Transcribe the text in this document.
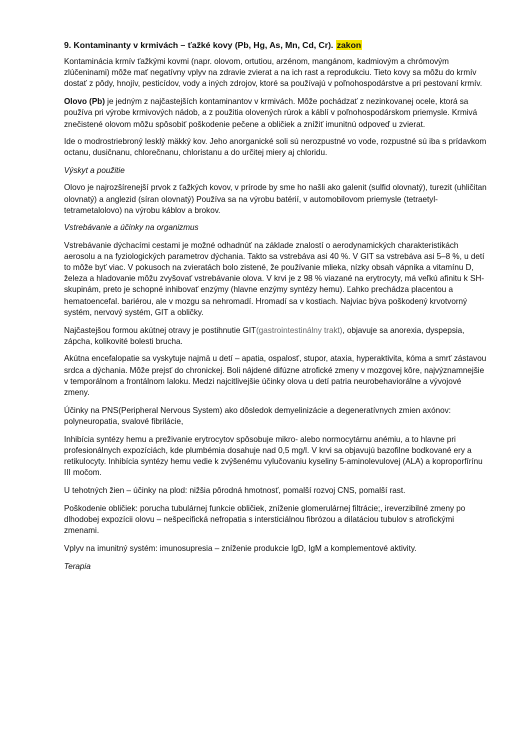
9. Kontaminanty v krmivách – ťažké kovy (Pb, Hg, As, Mn, Cd, Cr). zakon

Kontaminácia krmív ťažkými kovmi (napr. olovom, ortutiou, arzénom, mangánom, kadmiovým a chrómovým zlúčeninami) môže mať negatívny vplyv na zdravie zvierat a na ich rast a reprodukciu. Tieto kovy sa môžu do krmív dostať z pôdy, hnojív, pesticídov, vody a iných zdrojov, ktoré sa používajú v poľnohospodárstve a pri pestovaní krmív.

Olovo (Pb) je jedným z najčastejších kontaminantov v krmivách. Môže pochádzať z nezinkovanej ocele, ktorá sa používa pri výrobe krmivových nádob, a z použitia olovených rúrok a káblí v poľnohospodárskom priemysle. Krmivá znečistené olovom môžu spôsobiť poškodenie pečene a obličiek a znížiť imunitnú odpoveď u zvierat.

Ide o modrostriebroný lesklý mäkký kov. Jeho anorganické soli sú nerozpustné vo vode, rozpustné sú iba s prídavkom octanu, dusičnanu, chlorečnanu, chloristanu a do určitej miery aj chloridu.

Výskyt a použitie

Olovo je najrozšírenejší prvok z ťažkých kovov, v prírode by sme ho našli ako galenit (sulfid olovnatý), turezit (uhličitan olovnatý) a anglezid (síran olovnatý) Používa sa na výrobu batérií, v automobilovom priemysle (tetraetyl-tetrametalolovo) na výrobu káblov a brokov.

Vstrebávanie a účinky na organizmus

Vstrebávanie dýchacími cestami je možné odhadnúť na základe znalostí o aerodynamických charakteristikách aerosolu a na fyziologických parametrov dýchania. Takto sa vstrebáva asi 40 %. V GIT sa vstrebáva asi 5–8 %, u detí to môže byť viac. V pokusoch na zvieratách bolo zistené, že používanie mlieka, nízky obsah vápnika a vitamínu D, železa a hladovanie môžu zvyšovať vstrebávanie olova. V krvi je z 98 % viazané na erytrocyty, má veľkú afinitu k SH-skupinám, preto je schopné inhibovať enzýmy (hlavne enzýmy syntézy hemu). Ľahko prechádza placentou a hematoencefal. bariérou, ale v mozgu sa nehromadí. Hromadí sa v kostiach. Najviac býva poškodený krvotvorný systém, nervový systém, GIT a obličky.

Najčastejšou formou akútnej otravy je postihnutie GIT(gastrointestinálny trakt), objavuje sa anorexia, dyspepsia, zápcha, kolikovité bolesti brucha.

Akútna encefalopatie sa vyskytuje najmä u detí – apatia, ospalosť, stupor, ataxia, hyperaktivita, kóma a smrť zástavou srdca a dýchania. Môže prejsť do chronickej. Boli nájdené difúzne atrofické zmeny v mozgovej kôre, najvýznamnejšie v temporálnom a frontálnom laloku. Medzi najcitlivejšie účinky olova u detí patria neurobehaviorálne a vývojové zmeny.

Účinky na PNS(Peripheral Nervous System) ako dôsledok demyelinizácie a degeneratívnych zmien axónov: polyneuropatia, svalové fibrilácie,

Inhibícia syntézy hemu a preživanie erytrocytov spôsobuje mikro- alebo normocytárnu anémiu, a to hlavne pri profesionálnych expozíciách, kde plumbémia dosahuje nad 0,5 mg/l. V krvi sa objavujú bazofilne bodkované ery a retikulocyty. Inhibícia syntézy hemu vedie k zvýšenému vylučovaniu kyseliny 5-aminolevulovej (ALA) a koproporfírínu III močom.

U tehotných žien – účinky na plod: nižšia pôrodná hmotnosť, pomalší rozvoj CNS, pomalší rast.

Poškodenie obličiek: porucha tubulárnej funkcie obličiek, zníženie glomerulárnej filtrácie;, ireverzibilné zmeny po dlhodobej expozícii olovu – nešpecifická nefropatia s intersticiálnou fibrózou a dilatáciou tubulov s atrofickými zmenami.

Vplyv na imunitný systém: imunosupresia – zníženie produkcie IgD, IgM a komplementové aktivity.

Terapia
